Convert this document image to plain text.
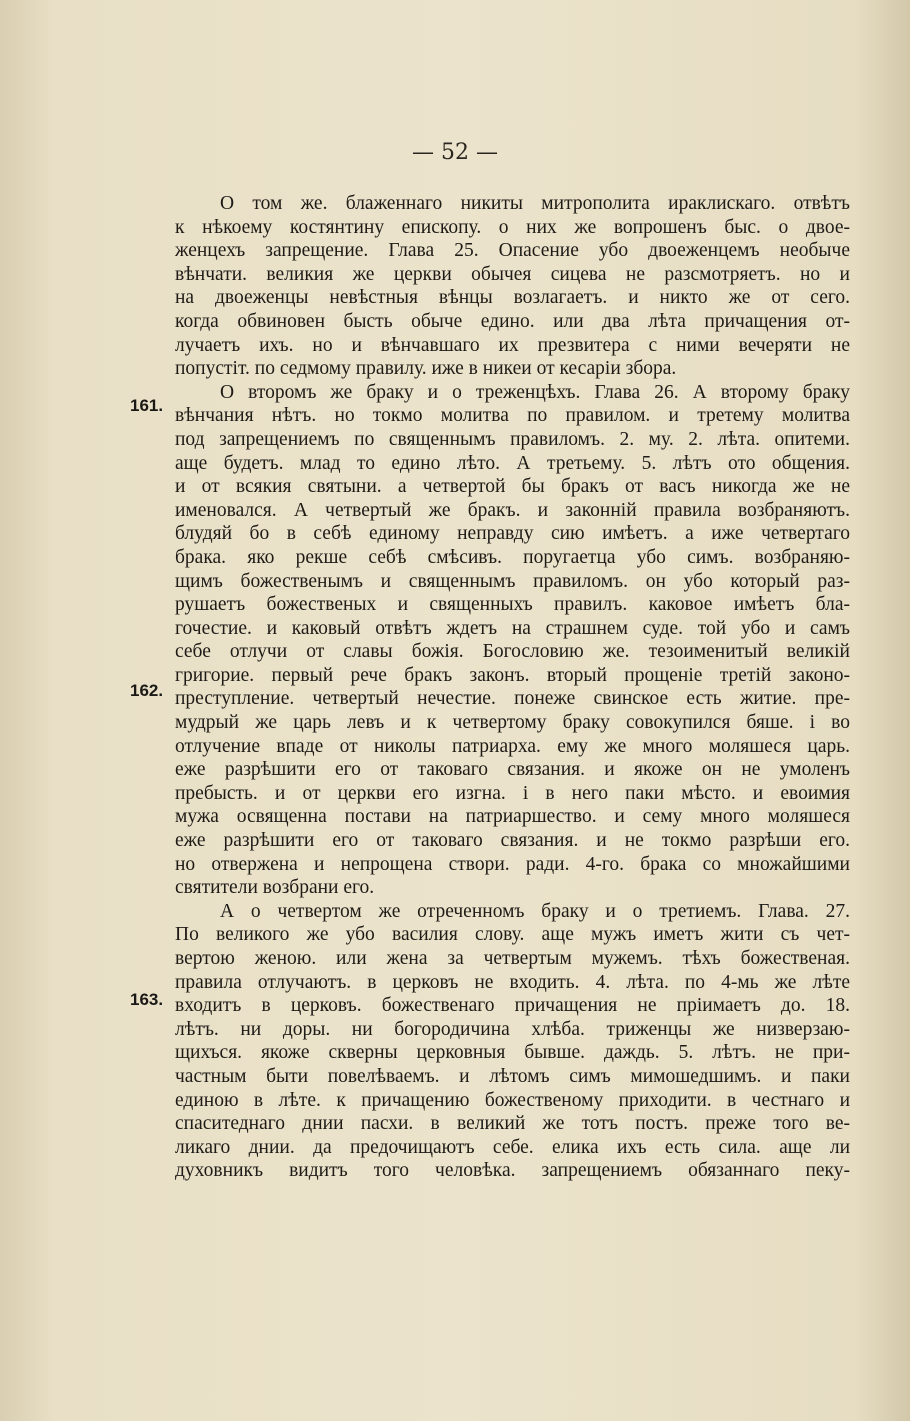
— 52 —
161.
162.
163.
О том же. блаженнаго никиты митрополита ираклискаго. отвѣтъ
к нѣкоему костянтину епископу. о них же вопрошенъ быс. о двое-
женцехъ запрещение. Глава 25. Опасение убо двоеженцемъ необыче
вѣнчати. великия же церкви обычея сицева не разсмотряетъ. но и
на двоеженцы невѣстныя вѣнцы возлагаетъ. и никто же от сего.
когда обвиновен бысть обыче едино. или два лѣта причащения от-
лучаетъ ихъ. но и вѣнчавшаго их презвитера с ними вечеряти не
попустіт. по седмому правилу. иже в никеи от кесаріи збора.
О второмъ же браку и о треженцѣхъ. Глава 26. А второму браку
вѣнчания нѣтъ. но токмо молитва по правилом. и третему молитва
под запрещениемъ по священнымъ правиломъ. 2. му. 2. лѣта. опитеми.
аще будетъ. млад то едино лѣто. А третьему. 5. лѣтъ ото общения.
и от всякия святыни. а четвертой бы бракъ от васъ никогда же не
именовался. А четвертый же бракъ. и законній правила возбраняютъ.
блудяй бо в себѣ единому неправду сию имѣетъ. а иже четвертаго
брака. яко рекше себѣ смѣсивъ. поругаетца убо симъ. возбраняю-
щимъ божественымъ и священнымъ правиломъ. он убо который раз-
рушаетъ божественых и священныхъ правилъ. каковое имѣетъ бла-
гочестие. и каковый отвѣтъ ждетъ на страшнем суде. той убо и самъ
себе отлучи от славы божія. Богословию же. тезоименитый великій
григорие. первый рече бракъ законъ. вторый прощеніе третій законо-
преступление. четвертый нечестие. понеже свинское есть житие. пре-
мудрый же царь левъ и к четвертому браку совокупился бяше. і во
отлучение впаде от николы патриарха. ему же много моляшеся царь.
еже разрѣшити его от таковаго связания. и якоже он не умоленъ
пребысть. и от церкви его изгна. і в него паки мѣсто. и евоимия
мужа освященна постави на патриаршество. и сему много моляшеся
еже разрѣшити его от таковаго связания. и не токмо разрѣши его.
но отвержена и непрощена створи. ради. 4-го. брака со множайшими
святители возбрани его.
А о четвертом же отреченномъ браку и о третиемъ. Глава. 27.
По великого же убо василия слову. аще мужъ иметъ жити съ чет-
вертою женою. или жена за четвертым мужемъ. тѣхъ божественая.
правила отлучаютъ. в церковъ не входить. 4. лѣта. по 4-мь же лѣте
входитъ в церковъ. божественаго причащения не пріимаетъ до. 18.
лѣтъ. ни доры. ни богородичина хлѣба. триженцы же низверзаю-
щихъся. якоже скверны церковныя бывше. даждь. 5. лѣтъ. не при-
частным быти повелѣваемъ. и лѣтомъ симъ мимошедшимъ. и паки
единою в лѣте. к причащению божественому приходити. в честнаго и
спаситеднаго днии пасхи. в великий же тотъ постъ. преже того ве-
ликаго днии. да предочищаютъ себе. елика ихъ есть сила. аще ли
духовникъ видитъ того человѣка. запрещениемъ обязаннаго пеку-
